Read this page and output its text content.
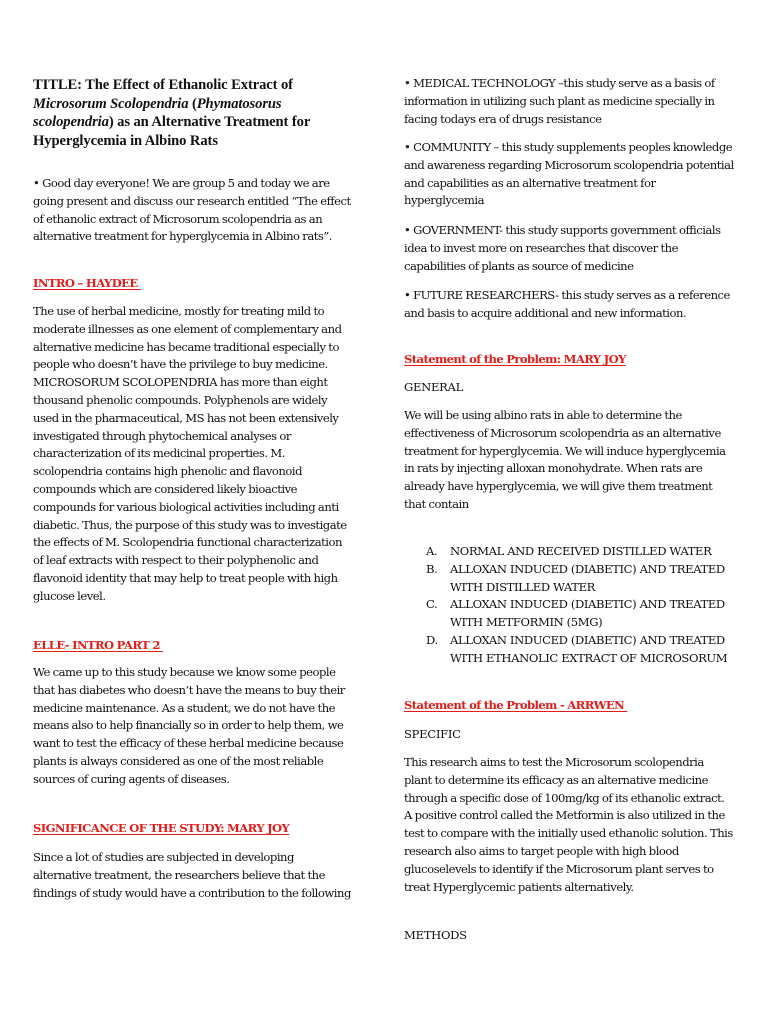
TITLE: The Effect of Ethanolic Extract of Microsorum Scolopendria (Phymatosorus scolopendria) as an Alternative Treatment for Hyperglycemia in Albino Rats

• Good day everyone! We are group 5 and today we are going present and discuss our research entitled “The effect of ethanolic extract of Microsorum scolopendria as an alternative treatment for hyperglycemia in Albino rats”.

INTRO – HAYDEE

The use of herbal medicine, mostly for treating mild to moderate illnesses as one element of complementary and alternative medicine has became traditional especially to people who doesn’t have the privilege to buy medicine. MICROSORUM SCOLOPENDRIA has more than eight thousand phenolic compounds. Polyphenols are widely used in the pharmaceutical, MS has not been extensively investigated through phytochemical analyses or characterization of its medicinal properties. M. scolopendria contains high phenolic and flavonoid compounds which are considered likely bioactive compounds for various biological activities including anti diabetic. Thus, the purpose of this study was to investigate the effects of M. Scolopendria functional characterization of leaf extracts with respect to their polyphenolic and flavonoid identity that may help to treat people with high glucose level.

ELLE- INTRO PART 2

We came up to this study because we know some people that has diabetes who doesn’t have the means to buy their medicine maintenance. As a student, we do not have the means also to help financially so in order to help them, we want to test the efficacy of these herbal medicine because plants is always considered as one of the most reliable sources of curing agents of diseases.

SIGNIFICANCE OF THE STUDY: MARY JOY

Since a lot of studies are subjected in developing alternative treatment, the researchers believe that the findings of study would have a contribution to the following

• MEDICAL TECHNOLOGY –this study serve as a basis of information in utilizing such plant as medicine specially in facing todays era of drugs resistance

• COMMUNITY – this study supplements peoples knowledge and awareness regarding Microsorum scolopendria potential and capabilities as an alternative treatment for hyperglycemia

• GOVERNMENT- this study supports government officials idea to invest more on researches that discover the capabilities of plants as source of medicine

• FUTURE RESEARCHERS- this study serves as a reference and basis to acquire additional and new information.

Statement of the Problem: MARY JOY
GENERAL

We will be using albino rats in able to determine the effectiveness of Microsorum scolopendria as an alternative treatment for hyperglycemia. We will induce hyperglycemia in rats by injecting alloxan monohydrate. When rats are already have hyperglycemia, we will give them treatment that contain

A. NORMAL AND RECEIVED DISTILLED WATER
B. ALLOXAN INDUCED (DIABETIC) AND TREATED WITH DISTILLED WATER
C. ALLOXAN INDUCED (DIABETIC) AND TREATED WITH METFORMIN (5MG)
D. ALLOXAN INDUCED (DIABETIC) AND TREATED WITH ETHANOLIC EXTRACT OF MICROSORUM
Statement of the Problem - ARRWEN
SPECIFIC

This research aims to test the Microsorum scolopendria plant to determine its efficacy as an alternative medicine through a specific dose of 100mg/kg of its ethanolic extract. A positive control called the Metformin is also utilized in the test to compare with the initially used ethanolic solution. This research also aims to target people with high blood glucoselevels to identify if the Microsorum plant serves to treat Hyperglycemic patients alternatively.

METHODS
